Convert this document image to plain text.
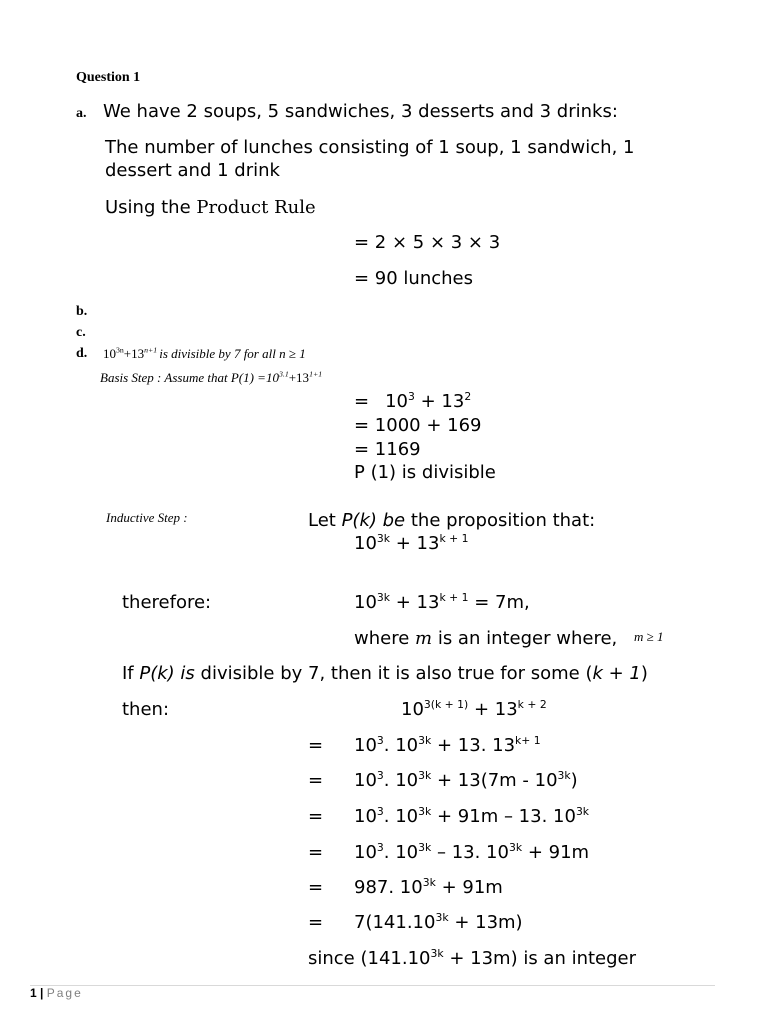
Question 1
a. We have 2 soups, 5 sandwiches, 3 desserts and 3 drinks:
The number of lunches consisting of 1 soup, 1 sandwich, 1
dessert and 1 drink
Using the Product Rule
= 2 × 5 × 3 × 3
= 90 lunches
b.
c.
d. $10^{3n}+13^{n+1}$ is divisible by 7 for all n ≥ 1
Basis Step : Assume that $P(1) =10^{3.1}+13^{1+1}$
= $10^3 + 13^2$
= 1000 + 169
= 1169
P (1) is divisible
Inductive Step :	Let P(k) be the proposition that:
$10^{3k} + 13^{k + 1}$
therefore:	$10^{3k} + 13^{k + 1} = 7m$,
where m is an integer where, m ≥ 1
If P(k) is divisible by 7, then it is also true for some (k + 1)
then:	$10^{3(k + 1)} + 13^{k + 2}$
= $10^3$. $10^{3k} + 13$. $13^{k+ 1}$
= $10^3$. $10^{3k} + 13(7m - 10^{3k})$
= $10^3$. $10^{3k} + 91m - 13$. $10^{3k}$
= $10^3$. $10^{3k} - 13$. $10^{3k} + 91m$
= 987. $10^{3k} + 91m$
= $7(141.10^{3k} + 13m)$
since $(141.10^{3k} + 13m)$ is an integer
1 | Page
